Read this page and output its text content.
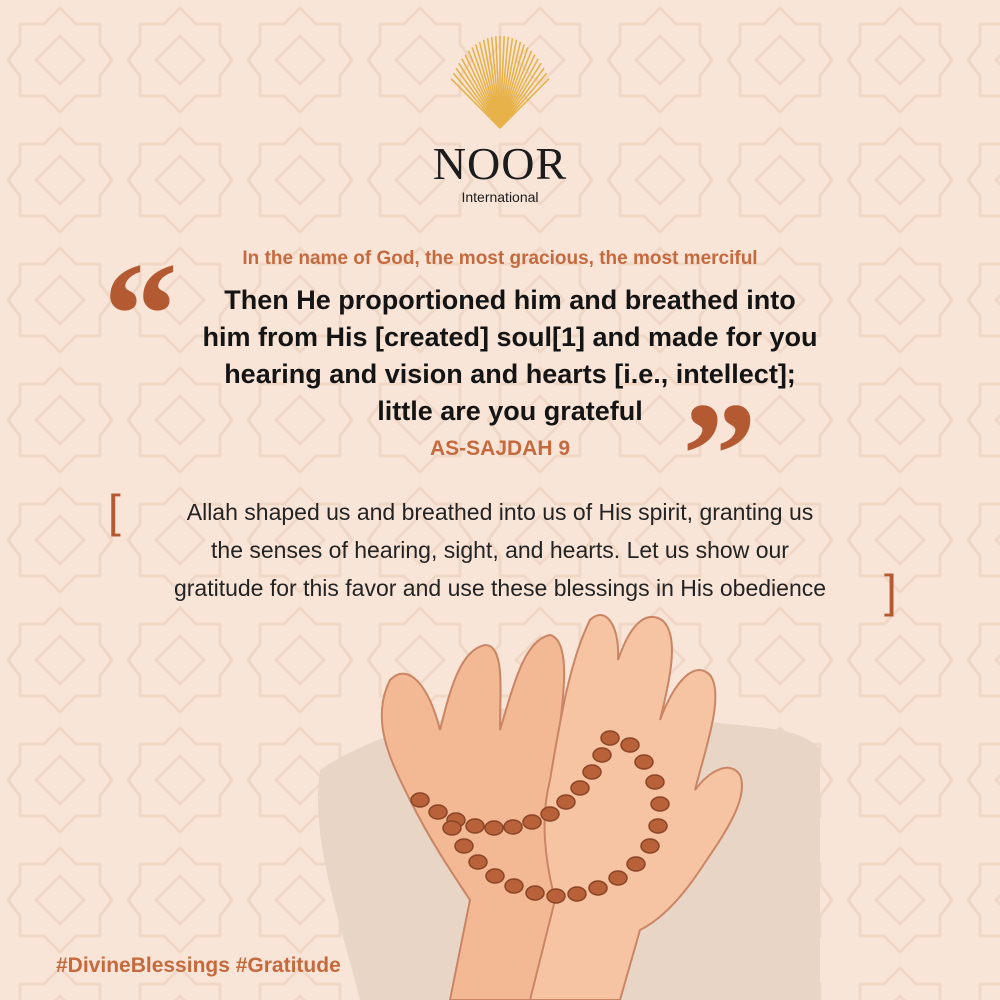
NOOR
International
In the name of God, the most gracious, the most merciful
“	Then He proportioned him and breathed into
him from His [created] soul[1] and made for you
hearing and vision and hearts [i.e., intellect];
little are you grateful ”
AS-SAJDAH 9
[	Allah shaped us and breathed into us of His spirit, granting us
the senses of hearing, sight, and hearts. Let us show our
gratitude for this favor and use these blessings in His obedience	]
#DivineBlessings #Gratitude
